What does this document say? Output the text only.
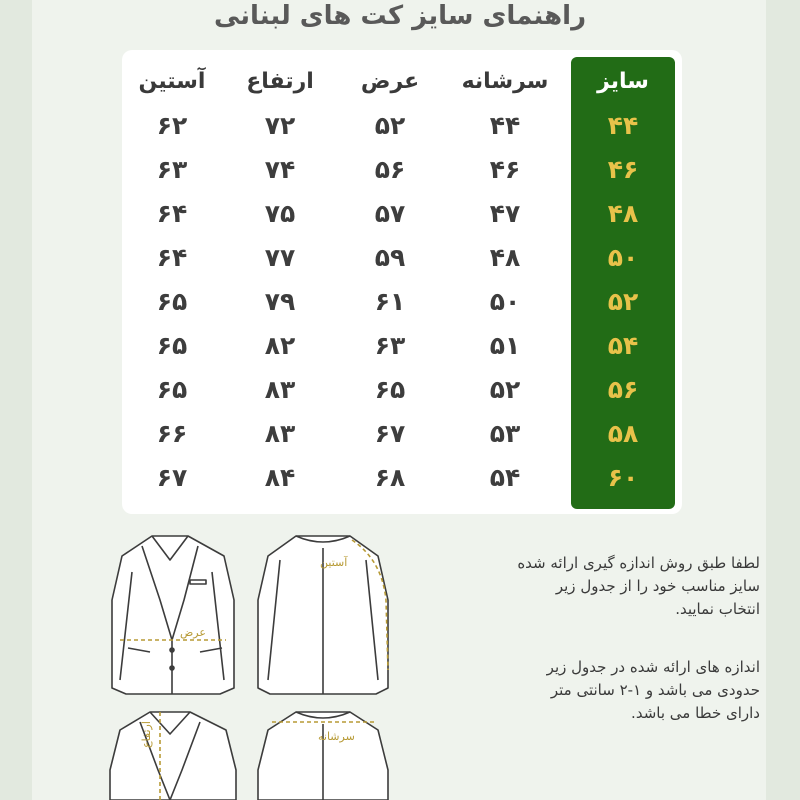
راهنمای سایز کت های لبنانی
سایز
سرشانه
عرض
ارتفاع
آستین
۴۴
۴۴
۵۲
۷۲
۶۲
۴۶
۴۶
۵۶
۷۴
۶۳
۴۸
۴۷
۵۷
۷۵
۶۴
۵۰
۴۸
۵۹
۷۷
۶۴
۵۲
۵۰
۶۱
۷۹
۶۵
۵۴
۵۱
۶۳
۸۲
۶۵
۵۶
۵۲
۶۵
۸۳
۶۵
۵۸
۵۳
۶۷
۸۳
۶۶
۶۰
۵۴
۶۸
۸۴
۶۷
لطفا طبق روش اندازه گیری ارائه شده
سایز مناسب خود را از جدول زیر
انتخاب نمایید.
اندازه های ارائه شده در جدول زیر
حدودی می باشد و ۱-۲ سانتی متر
دارای خطا می باشد.
عرض
آستین
ارتفاع	سرشانه
